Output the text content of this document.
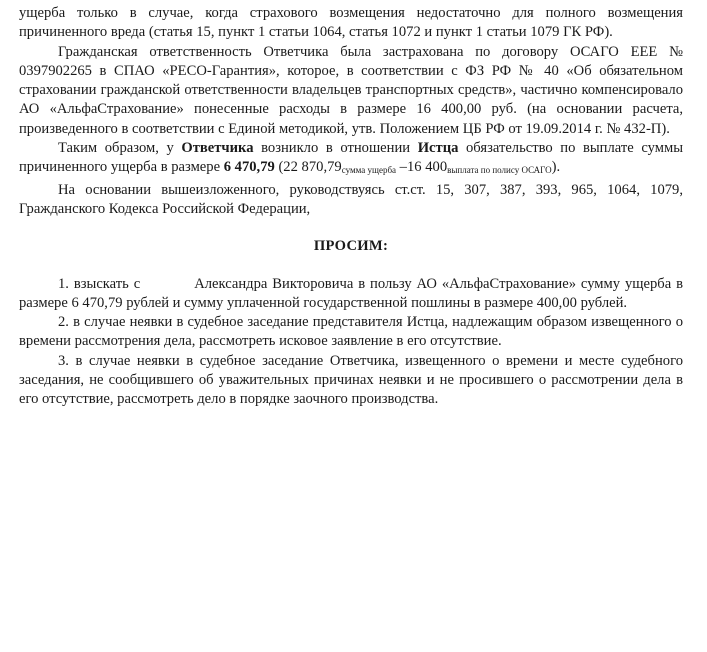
ущерба только в случае, когда страхового возмещения недостаточно для полного возмещения причиненного вреда (статья 15, пункт 1 статьи 1064, статья 1072 и пункт 1 статьи 1079 ГК РФ).

Гражданская ответственность Ответчика была застрахована по договору ОСАГО ЕЕЕ № 0397902265 в СПАО «РЕСО-Гарантия», которое, в соответствии с ФЗ РФ № 40 «Об обязательном страховании гражданской ответственности владельцев транспортных средств», частично компенсировало АО «АльфаСтрахование» понесенные расходы в размере 16 400,00 руб. (на основании расчета, произведенного в соответствии с Единой методикой, утв. Положением ЦБ РФ от 19.09.2014 г. № 432-П).

Таким образом, у Ответчика возникло в отношении Истца обязательство по выплате суммы причиненного ущерба в размере 6 470,79 (22 $870,79_{сумма ущерба}$ –16 $400_{выплата по полису ОСАГО}$).

На основании вышеизложенного, руководствуясь ст.ст. 15, 307, 387, 393, 965, 1064, 1079, Гражданского Кодекса Российской Федерации,

ПРОСИМ:

1. взыскать с	Александра Викторовича в пользу АО «АльфаСтрахование» сумму ущерба в размере 6 470,79 рублей и сумму уплаченной государственной пошлины в размере 400,00 рублей.

2. в случае неявки в судебное заседание представителя Истца, надлежащим образом извещенного о времени рассмотрения дела, рассмотреть исковое заявление в его отсутствие.

3. в случае неявки в судебное заседание Ответчика, извещенного о времени и месте судебного заседания, не сообщившего об уважительных причинах неявки и не просившего о рассмотрении дела в его отсутствие, рассмотреть дело в порядке заочного производства.
